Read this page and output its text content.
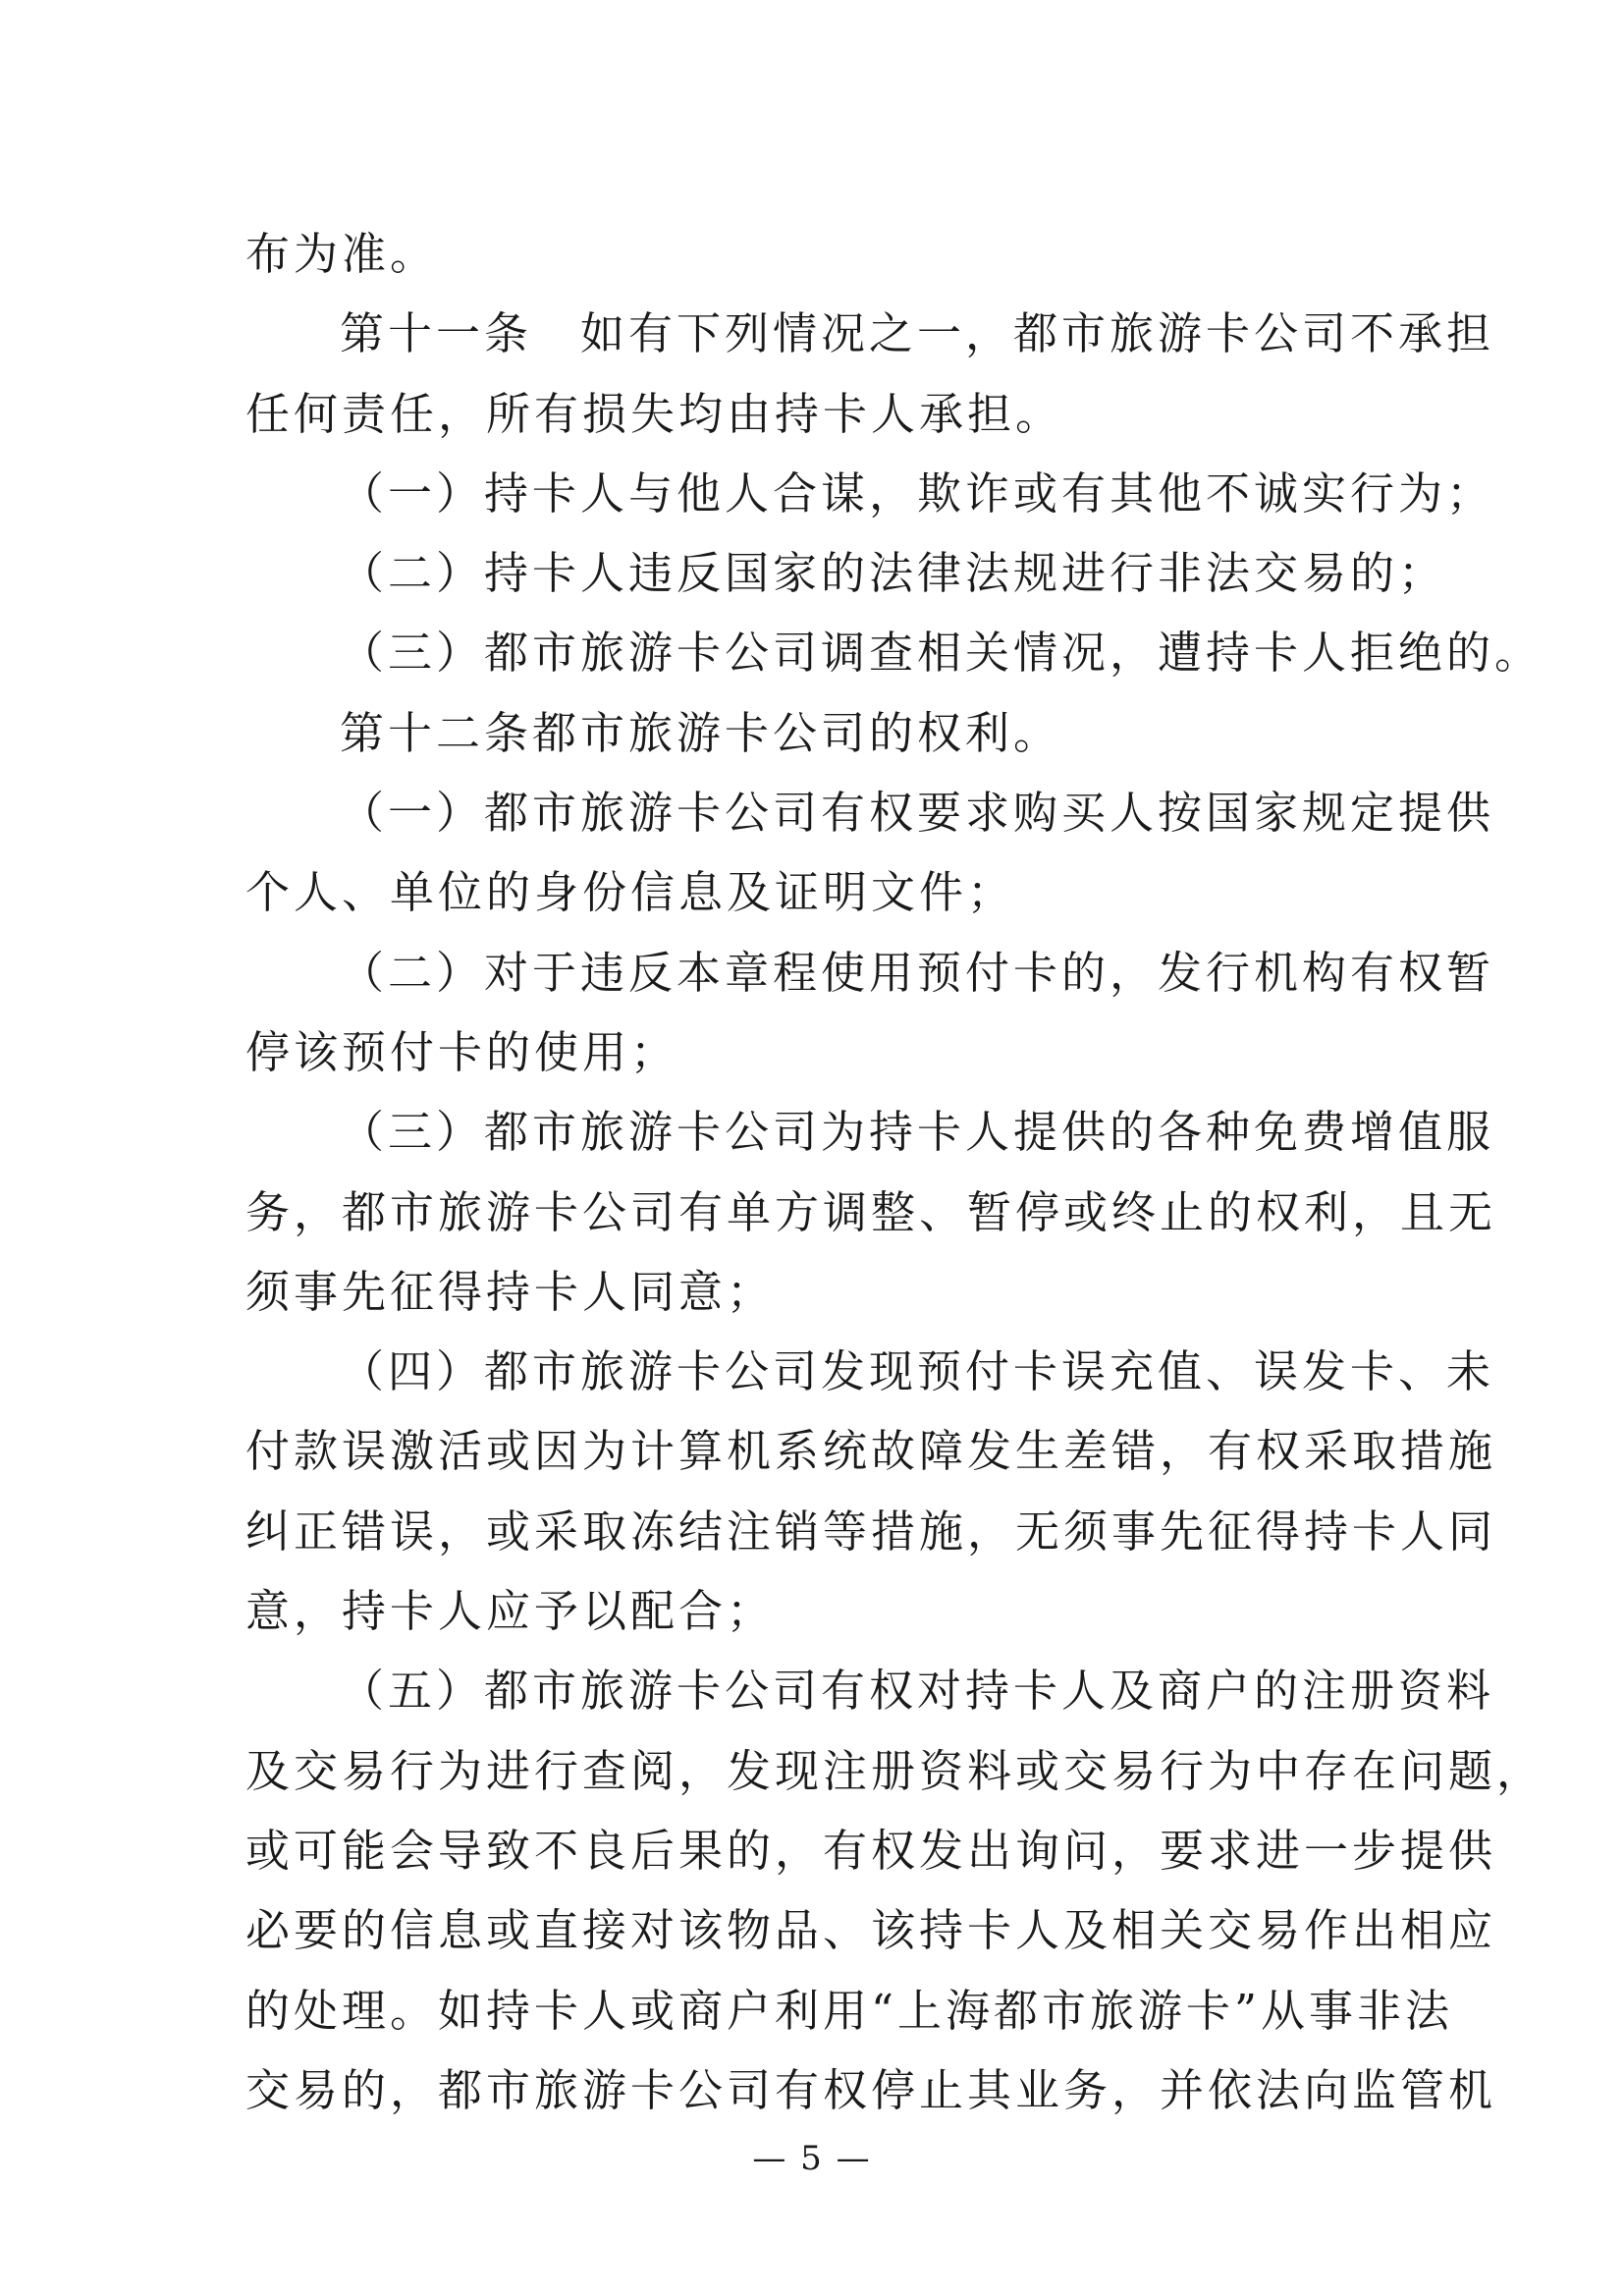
布为准。
第十一条　如有下列情况之一，都市旅游卡公司不承担
任何责任，所有损失均由持卡人承担。
（一）持卡人与他人合谋，欺诈或有其他不诚实行为；
（二）持卡人违反国家的法律法规进行非法交易的；
（三）都市旅游卡公司调查相关情况，遭持卡人拒绝的。
第十二条都市旅游卡公司的权利。
（一）都市旅游卡公司有权要求购买人按国家规定提供
个人、单位的身份信息及证明文件；
（二）对于违反本章程使用预付卡的，发行机构有权暂
停该预付卡的使用；
（三）都市旅游卡公司为持卡人提供的各种免费增值服
务，都市旅游卡公司有单方调整、暂停或终止的权利，且无
须事先征得持卡人同意；
（四）都市旅游卡公司发现预付卡误充值、误发卡、未
付款误激活或因为计算机系统故障发生差错，有权采取措施
纠正错误，或采取冻结注销等措施，无须事先征得持卡人同
意，持卡人应予以配合；
（五）都市旅游卡公司有权对持卡人及商户的注册资料
及交易行为进行查阅，发现注册资料或交易行为中存在问题，
或可能会导致不良后果的，有权发出询问，要求进一步提供
必要的信息或直接对该物品、该持卡人及相关交易作出相应
的处理。如持卡人或商户利用“上海都市旅游卡”从事非法
交易的，都市旅游卡公司有权停止其业务，并依法向监管机
— 5 —
